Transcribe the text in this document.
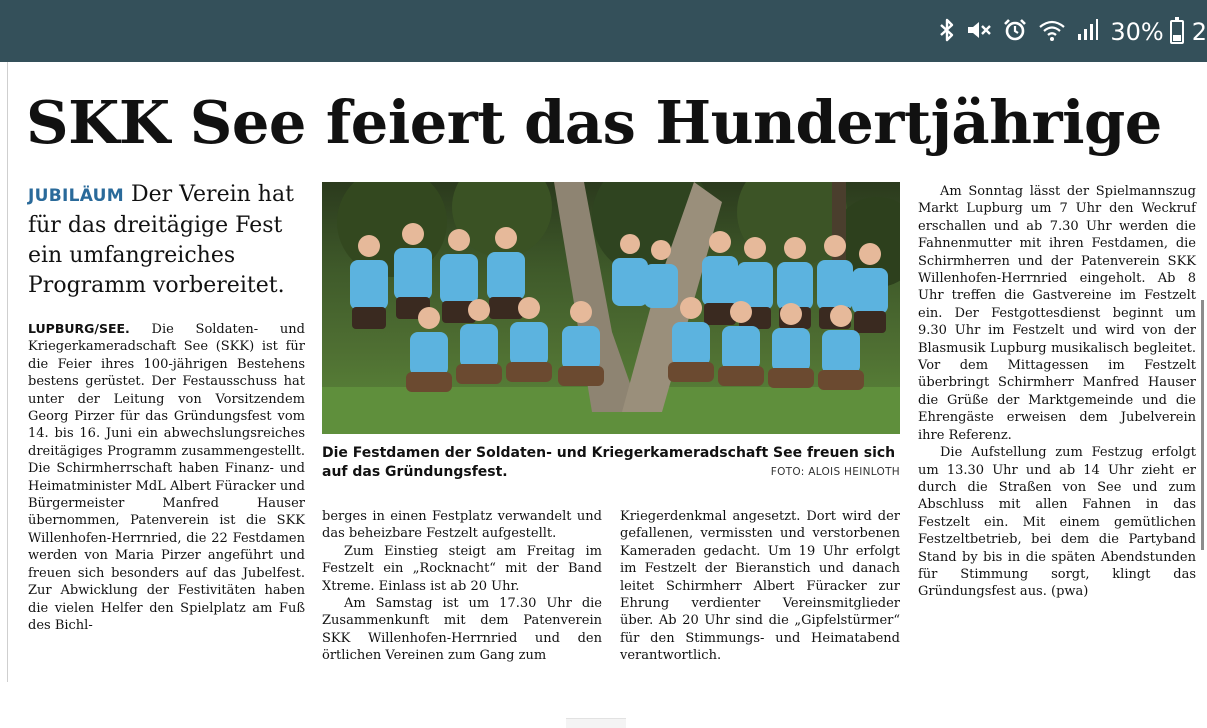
30% 2
SKK See feiert das Hundertjährige

JUBILÄUM Der Verein hat für das dreitägige Fest ein umfangreiches Programm vorbereitet.

LUPBURG/SEE. Die Soldaten- und Kriegerkameradschaft See (SKK) ist für die Feier ihres 100-jährigen Bestehens bestens gerüstet. Der Festausschuss hat unter der Leitung von Vorsitzendem Georg Pirzer für das Gründungsfest vom 14. bis 16. Juni ein abwechslungsreiches dreitägiges Programm zusammengestellt. Die Schirmherrschaft haben Finanz- und Heimatminister MdL Albert Füracker und Bürgermeister Manfred Hauser übernommen, Patenverein ist die SKK Willenhofen-Herrnried, die 22 Festdamen werden von Maria Pirzer angeführt und freuen sich besonders auf das Jubelfest. Zur Abwicklung der Festivitäten haben die vielen Helfer den Spielplatz am Fuß des Bichl-

Die Festdamen der Soldaten- und Kriegerkameradschaft See freuen sich auf das Gründungsfest.	FOTO: ALOIS HEINLOTH

berges in einen Festplatz verwandelt und das beheizbare Festzelt aufgestellt.

Zum Einstieg steigt am Freitag im Festzelt ein „Rocknacht“ mit der Band Xtreme. Einlass ist ab 20 Uhr.

Am Samstag ist um 17.30 Uhr die Zusammenkunft mit dem Patenverein SKK Willenhofen-Herrnried und den örtlichen Vereinen zum Gang zum

Kriegerdenkmal angesetzt. Dort wird der gefallenen, vermissten und verstorbenen Kameraden gedacht. Um 19 Uhr erfolgt im Festzelt der Bieranstich und danach leitet Schirmherr Albert Füracker zur Ehrung verdienter Vereinsmitglieder über. Ab 20 Uhr sind die „Gipfelstürmer“ für den Stimmungs- und Heimatabend verantwortlich.

Am Sonntag lässt der Spielmannszug Markt Lupburg um 7 Uhr den Weckruf erschallen und ab 7.30 Uhr werden die Fahnenmutter mit ihren Festdamen, die Schirmherren und der Patenverein SKK Willenhofen-Herrnried eingeholt. Ab 8 Uhr treffen die Gastvereine im Festzelt ein. Der Festgottesdienst beginnt um 9.30 Uhr im Festzelt und wird von der Blasmusik Lupburg musikalisch begleitet. Vor dem Mittagessen im Festzelt überbringt Schirmherr Manfred Hauser die Grüße der Marktgemeinde und die Ehrengäste erweisen dem Jubelverein ihre Referenz.

Die Aufstellung zum Festzug erfolgt um 13.30 Uhr und ab 14 Uhr zieht er durch die Straßen von See und zum Abschluss mit allen Fahnen in das Festzelt ein. Mit einem gemütlichen Festzeltbetrieb, bei dem die Partyband Stand by bis in die späten Abendstunden für Stimmung sorgt, klingt das Gründungsfest aus. (pwa)
